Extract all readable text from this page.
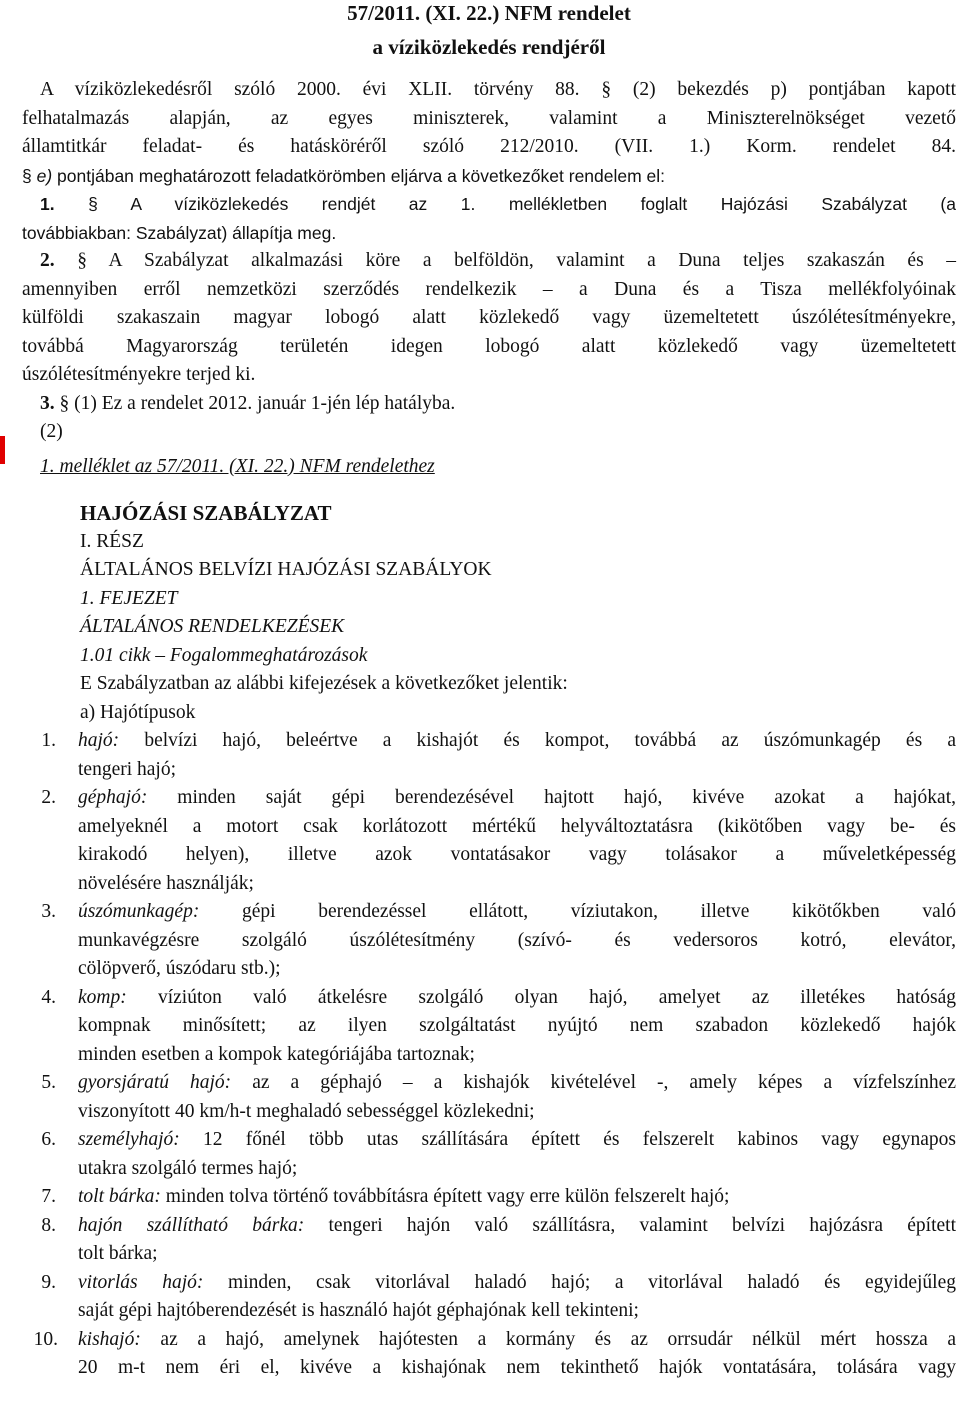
57/2011. (XI. 22.) NFM rendelet
a víziközlekedés rendjéről
A víziközlekedésről szóló 2000. évi XLII. törvény 88. § (2) bekezdés p) pontjában kapott
felhatalmazás alapján, az egyes miniszterek, valamint a Miniszterelnökséget vezető
államtitkár feladat- és hatásköréről szóló 212/2010. (VII. 1.) Korm. rendelet 84.
§ e) pontjában meghatározott feladatkörömben eljárva a következőket rendelem el:
1. § A víziközlekedés rendjét az 1. mellékletben foglalt Hajózási Szabályzat (a
továbbiakban: Szabályzat) állapítja meg.
2. § A Szabályzat alkalmazási köre a belföldön, valamint a Duna teljes szakaszán és –
amennyiben erről nemzetközi szerződés rendelkezik – a Duna és a Tisza mellékfolyóinak
külföldi szakaszain magyar lobogó alatt közlekedő vagy üzemeltetett úszólétesítményekre,
továbbá Magyarország területén idegen lobogó alatt közlekedő vagy üzemeltetett
úszólétesítményekre terjed ki.
3. § (1) Ez a rendelet 2012. január 1-jén lép hatályba.
(2)
1. melléklet az 57/2011. (XI. 22.) NFM rendelethez
HAJÓZÁSI SZABÁLYZAT
I. RÉSZ
ÁLTALÁNOS BELVÍZI HAJÓZÁSI SZABÁLYOK
1. FEJEZET
ÁLTALÁNOS RENDELKEZÉSEK
1.01 cikk – Fogalommeghatározások
E Szabályzatban az alábbi kifejezések a következőket jelentik:
a) Hajótípusok
1. hajó: belvízi hajó, beleértve a kishajót és kompot, továbbá az úszómunkagép és a
tengeri hajó;
2. géphajó: minden saját gépi berendezésével hajtott hajó, kivéve azokat a hajókat,
amelyeknél a motort csak korlátozott mértékű helyváltoztatásra (kikötőben vagy be- és
kirakodó helyen), illetve azok vontatásakor vagy tolásakor a műveletképesség
növelésére használják;
3. úszómunkagép: gépi berendezéssel ellátott, víziutakon, illetve kikötőkben való
munkavégzésre szolgáló úszólétesítmény (szívó- és vedersoros kotró, elevátor,
cölöpverő, úszódaru stb.);
4. komp: víziúton való átkelésre szolgáló olyan hajó, amelyet az illetékes hatóság
kompnak minősített; az ilyen szolgáltatást nyújtó nem szabadon közlekedő hajók
minden esetben a kompok kategóriájába tartoznak;
5. gyorsjáratú hajó: az a géphajó – a kishajók kivételével -, amely képes a vízfelszínhez
viszonyított 40 km/h-t meghaladó sebességgel közlekedni;
6. személyhajó: 12 főnél több utas szállítására épített és felszerelt kabinos vagy egynapos
utakra szolgáló termes hajó;
7. tolt bárka: minden tolva történő továbbításra épített vagy erre külön felszerelt hajó;
8. hajón szállítható bárka: tengeri hajón való szállításra, valamint belvízi hajózásra épített
tolt bárka;
9. vitorlás hajó: minden, csak vitorlával haladó hajó; a vitorlával haladó és egyidejűleg
saját gépi hajtóberendezését is használó hajót géphajónak kell tekinteni;
10. kishajó: az a hajó, amelynek hajótesten a kormány és az orrsudár nélkül mért hossza a
20 m-t nem éri el, kivéve a kishajónak nem tekinthető hajók vontatására, tolására vagy
